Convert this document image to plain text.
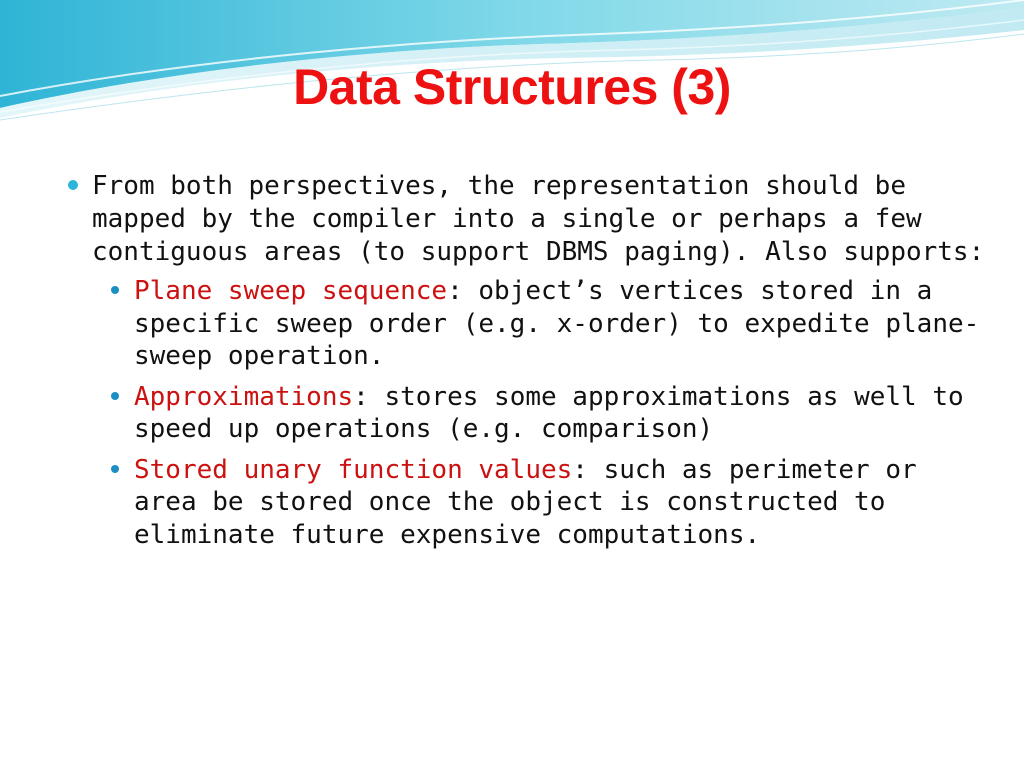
Data Structures (3)
From both perspectives, the representation should be mapped by the compiler into a single or perhaps a few contiguous areas (to support DBMS paging). Also supports:
Plane sweep sequence: object’s vertices stored in a specific sweep order (e.g. x-order) to expedite plane-sweep operation.
Approximations: stores some approximations as well to speed up operations (e.g. comparison)
Stored unary function values: such as perimeter or area be stored once the object is constructed to eliminate future expensive computations.
